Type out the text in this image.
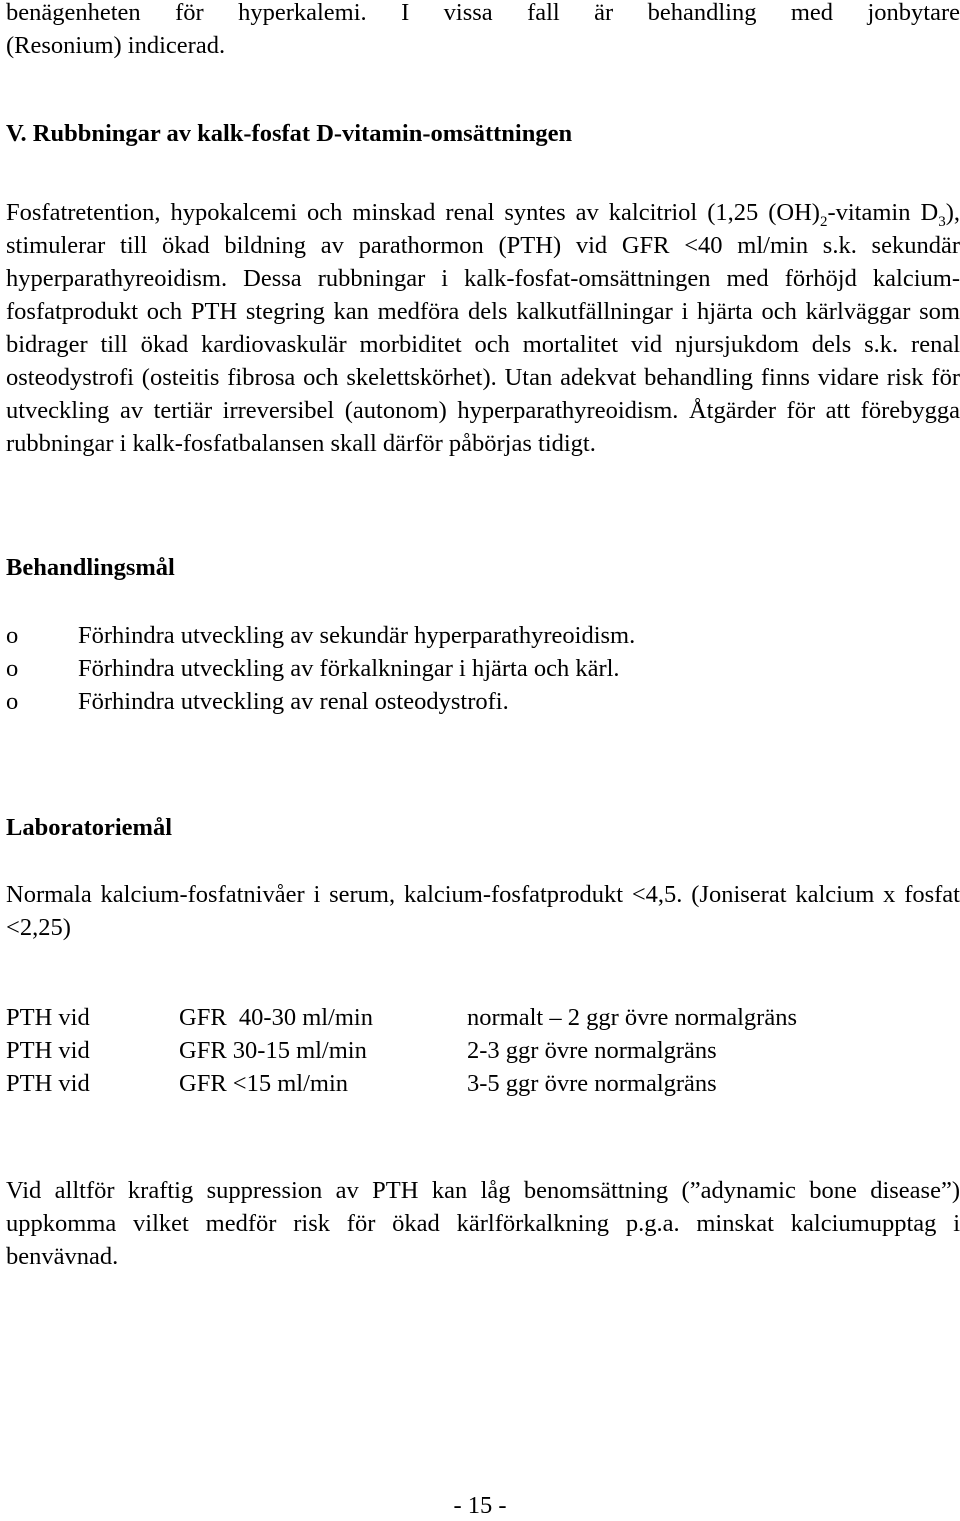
benägenheten för hyperkalemi. I vissa fall är behandling med jonbytare
(Resonium) indicerad.
V. Rubbningar av kalk-fosfat D-vitamin-omsättningen
Fosfatretention, hypokalcemi och minskad renal syntes av kalcitriol (1,25 $(OH)_2$-vitamin $D_3$), stimulerar till ökad bildning av parathormon (PTH) vid GFR <40 ml/min s.k. sekundär hyperparathyreoidism. Dessa rubbningar i kalk-fosfat-omsättningen med förhöjd kalcium-fosfatprodukt och PTH stegring kan medföra dels kalkutfällningar i hjärta och kärlväggar som bidrager till ökad kardiovaskulär morbiditet och mortalitet vid njursjukdom dels s.k. renal osteodystrofi (osteitis fibrosa och skelettskörhet). Utan adekvat behandling finns vidare risk för utveckling av tertiär irreversibel (autonom) hyperparathyreoidism. Åtgärder för att förebygga rubbningar i kalk-fosfatbalansen skall därför påbörjas tidigt.
Behandlingsmål
o Förhindra utveckling av sekundär hyperparathyreoidism.
o Förhindra utveckling av förkalkningar i hjärta och kärl.
o Förhindra utveckling av renal osteodystrofi.
Laboratoriemål
Normala kalcium-fosfatnivåer i serum, kalcium-fosfatprodukt <4,5. (Joniserat kalcium x fosfat <2,25)
PTH vid	GFR  40-30 ml/min	normalt – 2 ggr övre normalgräns
PTH vid	GFR 30-15 ml/min	2-3 ggr övre normalgräns
PTH vid	GFR <15 ml/min	3-5 ggr övre normalgräns
Vid alltför kraftig suppression av PTH kan låg benomsättning (”adynamic bone disease”) uppkomma vilket medför risk för ökad kärlförkalkning p.g.a. minskat kalciumupptag i benvävnad.
- 15 -
